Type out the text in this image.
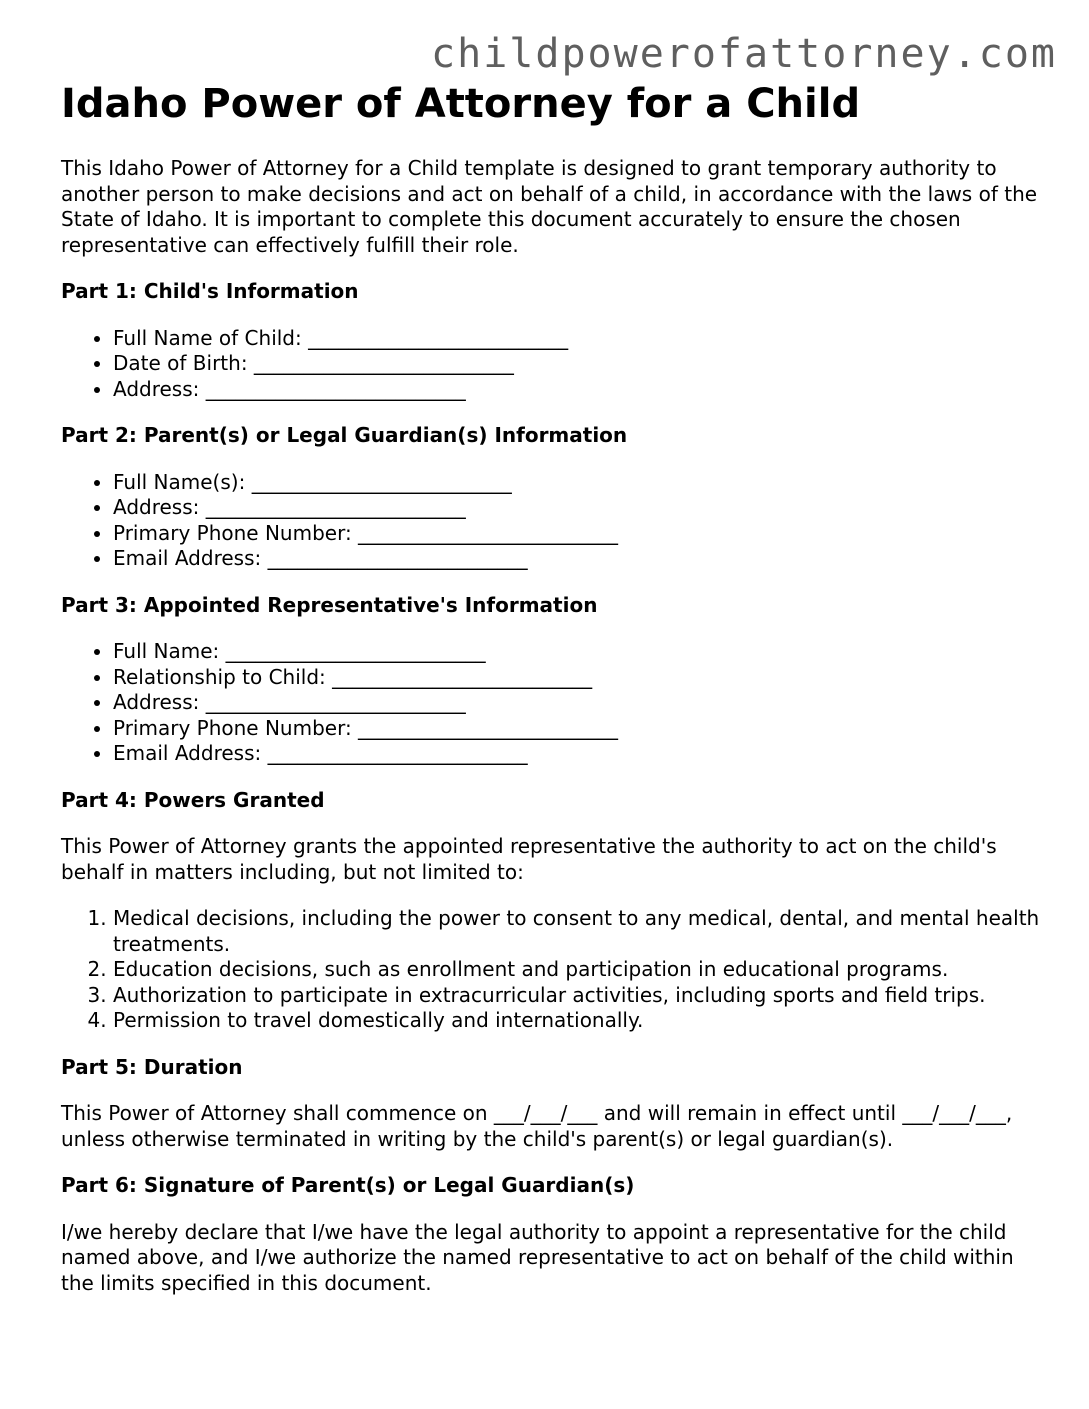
childpowerofattorney.com
Idaho Power of Attorney for a Child

This Idaho Power of Attorney for a Child template is designed to grant temporary authority to another person to make decisions and act on behalf of a child, in accordance with the laws of the State of Idaho. It is important to complete this document accurately to ensure the chosen representative can effectively fulfill their role.

Part 1: Child's Information
• Full Name of Child: __________________________
• Date of Birth: __________________________
• Address: __________________________
Part 2: Parent(s) or Legal Guardian(s) Information
• Full Name(s): __________________________
• Address: __________________________
• Primary Phone Number: __________________________
• Email Address: __________________________
Part 3: Appointed Representative's Information
• Full Name: __________________________
• Relationship to Child: __________________________
• Address: __________________________
• Primary Phone Number: __________________________
• Email Address: __________________________
Part 4: Powers Granted

This Power of Attorney grants the appointed representative the authority to act on the child's behalf in matters including, but not limited to:

1. Medical decisions, including the power to consent to any medical, dental, and mental health treatments.
2. Education decisions, such as enrollment and participation in educational programs.
3. Authorization to participate in extracurricular activities, including sports and field trips.
4. Permission to travel domestically and internationally.
Part 5: Duration

This Power of Attorney shall commence on ___/___/___ and will remain in effect until ___/___/___, unless otherwise terminated in writing by the child's parent(s) or legal guardian(s).

Part 6: Signature of Parent(s) or Legal Guardian(s)

I/we hereby declare that I/we have the legal authority to appoint a representative for the child named above, and I/we authorize the named representative to act on behalf of the child within the limits specified in this document.
